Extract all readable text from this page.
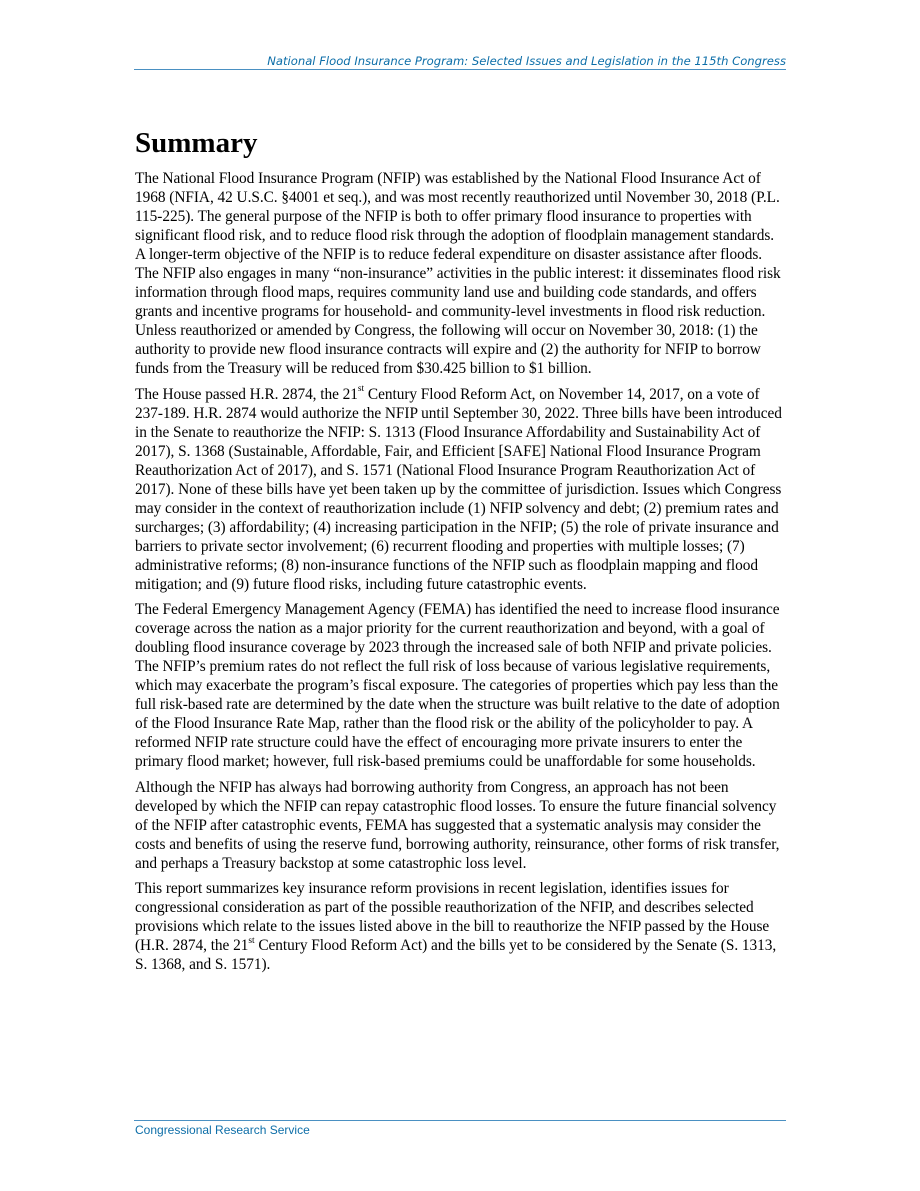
National Flood Insurance Program: Selected Issues and Legislation in the 115th Congress
Summary

The National Flood Insurance Program (NFIP) was established by the National Flood Insurance Act of 1968 (NFIA, 42 U.S.C. §4001 et seq.), and was most recently reauthorized until November 30, 2018 (P.L. 115-225). The general purpose of the NFIP is both to offer primary flood insurance to properties with significant flood risk, and to reduce flood risk through the adoption of floodplain management standards. A longer-term objective of the NFIP is to reduce federal expenditure on disaster assistance after floods. The NFIP also engages in many “non-insurance” activities in the public interest: it disseminates flood risk information through flood maps, requires community land use and building code standards, and offers grants and incentive programs for household- and community-level investments in flood risk reduction. Unless reauthorized or amended by Congress, the following will occur on November 30, 2018: (1) the authority to provide new flood insurance contracts will expire and (2) the authority for NFIP to borrow funds from the Treasury will be reduced from $30.425 billion to $1 billion.

The House passed H.R. 2874, the 21st Century Flood Reform Act, on November 14, 2017, on a vote of 237-189. H.R. 2874 would authorize the NFIP until September 30, 2022. Three bills have been introduced in the Senate to reauthorize the NFIP: S. 1313 (Flood Insurance Affordability and Sustainability Act of 2017), S. 1368 (Sustainable, Affordable, Fair, and Efficient [SAFE] National Flood Insurance Program Reauthorization Act of 2017), and S. 1571 (National Flood Insurance Program Reauthorization Act of 2017). None of these bills have yet been taken up by the committee of jurisdiction. Issues which Congress may consider in the context of reauthorization include (1) NFIP solvency and debt; (2) premium rates and surcharges; (3) affordability; (4) increasing participation in the NFIP; (5) the role of private insurance and barriers to private sector involvement; (6) recurrent flooding and properties with multiple losses; (7) administrative reforms; (8) non-insurance functions of the NFIP such as floodplain mapping and flood mitigation; and (9) future flood risks, including future catastrophic events.

The Federal Emergency Management Agency (FEMA) has identified the need to increase flood insurance coverage across the nation as a major priority for the current reauthorization and beyond, with a goal of doubling flood insurance coverage by 2023 through the increased sale of both NFIP and private policies. The NFIP’s premium rates do not reflect the full risk of loss because of various legislative requirements, which may exacerbate the program’s fiscal exposure. The categories of properties which pay less than the full risk-based rate are determined by the date when the structure was built relative to the date of adoption of the Flood Insurance Rate Map, rather than the flood risk or the ability of the policyholder to pay. A reformed NFIP rate structure could have the effect of encouraging more private insurers to enter the primary flood market; however, full risk-based premiums could be unaffordable for some households.

Although the NFIP has always had borrowing authority from Congress, an approach has not been developed by which the NFIP can repay catastrophic flood losses. To ensure the future financial solvency of the NFIP after catastrophic events, FEMA has suggested that a systematic analysis may consider the costs and benefits of using the reserve fund, borrowing authority, reinsurance, other forms of risk transfer, and perhaps a Treasury backstop at some catastrophic loss level.

This report summarizes key insurance reform provisions in recent legislation, identifies issues for congressional consideration as part of the possible reauthorization of the NFIP, and describes selected provisions which relate to the issues listed above in the bill to reauthorize the NFIP passed by the House (H.R. 2874, the 21st Century Flood Reform Act) and the bills yet to be considered by the Senate (S. 1313, S. 1368, and S. 1571).

Congressional Research Service
